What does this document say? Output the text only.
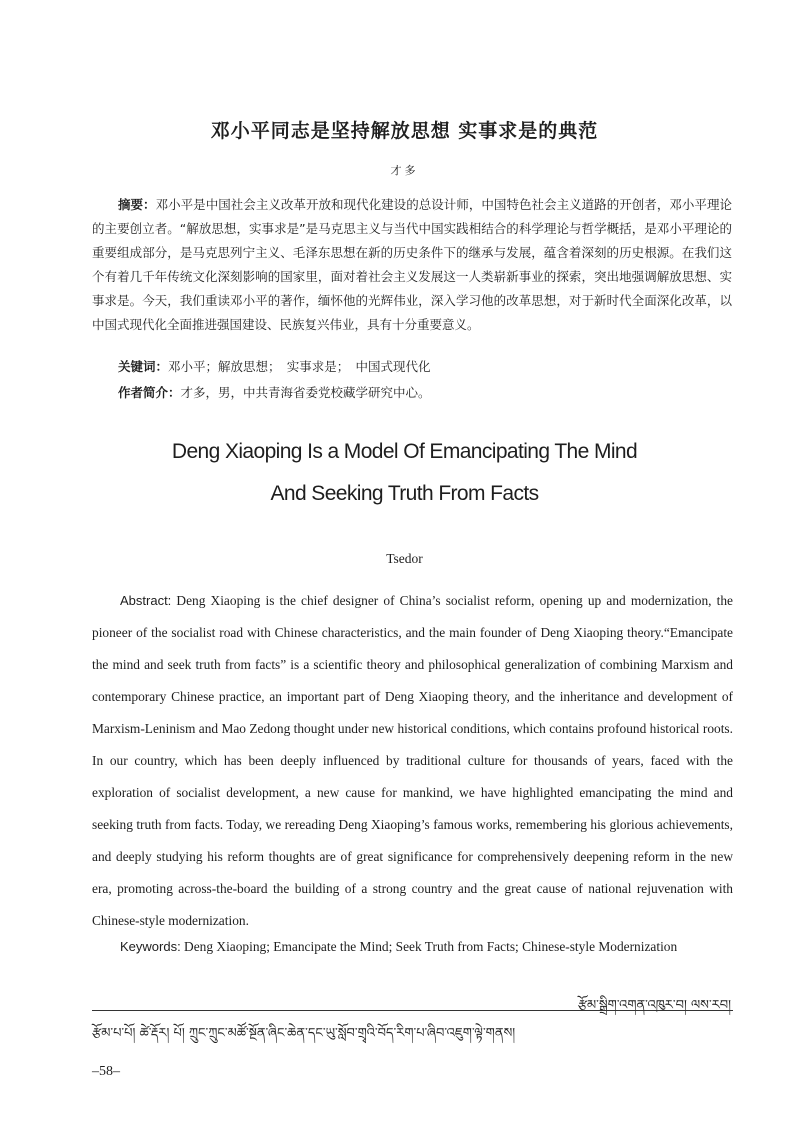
邓小平同志是坚持解放思想 实事求是的典范
才多

摘要：邓小平是中国社会主义改革开放和现代化建设的总设计师，中国特色社会主义道路的开创者，邓小平理论的主要创立者。“解放思想，实事求是”是马克思主义与当代中国实践相结合的科学理论与哲学概括，是邓小平理论的重要组成部分，是马克思列宁主义、毛泽东思想在新的历史条件下的继承与发展，蕴含着深刻的历史根源。在我们这个有着几千年传统文化深刻影响的国家里，面对着社会主义发展这一人类崭新事业的探索，突出地强调解放思想、实事求是。今天，我们重读邓小平的著作，缅怀他的光辉伟业，深入学习他的改革思想，对于新时代全面深化改革，以中国式现代化全面推进强国建设、民族复兴伟业，具有十分重要意义。

关键词：邓小平；解放思想；　实事求是；　中国式现代化
作者简介：才多，男，中共青海省委党校藏学研究中心。
Deng Xiaoping Is a Model Of Emancipating The Mind
And Seeking Truth From Facts
Tsedor

Abstract: Deng Xiaoping is the chief designer of China’s socialist reform, opening up and modernization, the pioneer of the socialist road with Chinese characteristics, and the main founder of Deng Xiaoping theory.“Emancipate the mind and seek truth from facts” is a scientific theory and philosophical generalization of combining Marxism and contemporary Chinese practice, an important part of Deng Xiaoping theory, and the inheritance and development of Marxism-Leninism and Mao Zedong thought under new historical conditions, which contains profound historical roots. In our country, which has been deeply influenced by traditional culture for thousands of years, faced with the exploration of socialist development, a new cause for mankind, we have highlighted emancipating the mind and seeking truth from facts. Today, we rereading Deng Xiaoping’s famous works, remembering his glorious achievements, and deeply studying his reform thoughts are of great significance for comprehensively deepening reform in the new era, promoting across-the-board the building of a strong country and the great cause of national rejuvenation with Chinese-style modernization.

Keywords: Deng Xiaoping; Emancipate the Mind; Seek Truth from Facts; Chinese-style Modernization
རྩོམ་སྒྲིག་འགན་འཁུར་བ། ལས་རབ།
རྩོམ་པ་པོ། ཚེ་རྡོར། པོ། ཀྲུང་ཀྲུང་མཚོ་སྔོན་ཞིང་ཆེན་དང་ཡུ་སློབ་གྲྭའི་བོད་རིག་པ་ཞིབ་འཇུག་ལྟེ་གནས།
–58–
